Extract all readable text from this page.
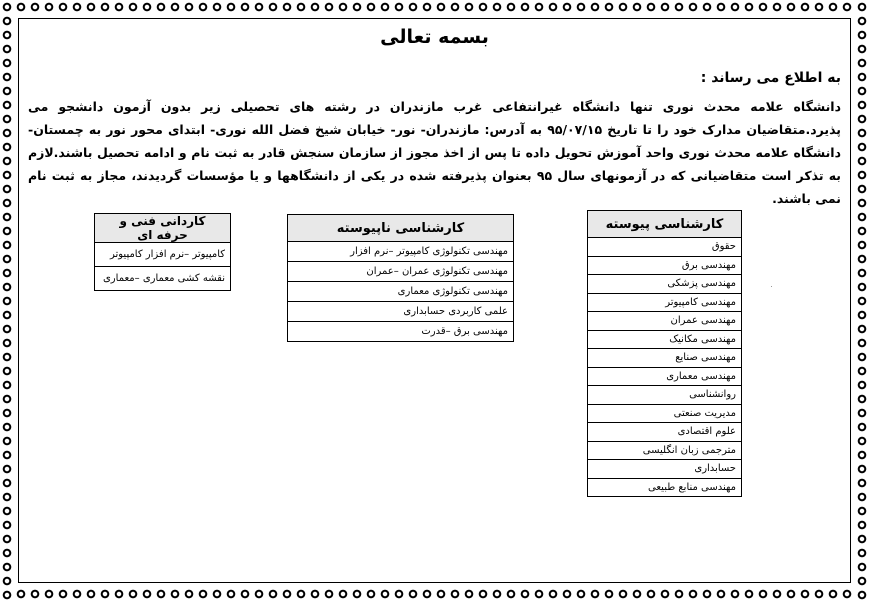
بسمه تعالی
به اطلاع می رساند :
دانشگاه علامه محدث نوری تنها دانشگاه غیرانتفاعی غرب مازندران در رشته های تحصیلی زیر بدون آزمون دانشجو می پذیرد.متقاضیان مدارک خود را تا تاریخ ۹۵/۰۷/۱۵ به آدرس: مازندران- نور- خیابان شیخ فضل الله نوری- ابتدای محور نور به چمستان- دانشگاه علامه محدث نوری واحد آموزش تحویل داده تا پس از اخذ مجوز از سازمان سنجش قادر به ثبت نام و ادامه تحصیل باشند.لازم به تذکر است متقاضیانی که در آزمونهای سال ۹۵ بعنوان پذیرفته شده در یکی از دانشگاهها و یا مؤسسات گردیدند، مجاز به ثبت نام نمی باشند.
کارشناسی پیوسته
حقوق
مهندسی برق
مهندسی پزشکی
مهندسی کامپیوتر
مهندسی عمران
مهندسی مکانیک
مهندسی صنایع
مهندسی معماری
روانشناسی
مدیریت صنعتی
علوم اقتصادی
مترجمی زبان انگلیسی
حسابداری
مهندسی منابع طبیعی
کارشناسی ناپیوسته
مهندسی تکنولوژی کامپیوتر –نرم افزار
مهندسی تکنولوژی عمران –عمران
مهندسی تکنولوژی معماری
علمی کاربردی حسابداری
مهندسی برق –قدرت
کاردانی فنی و حرفه ای
کامپیوتر –نرم افزار کامپیوتر
نقشه کشی معماری –معماری
